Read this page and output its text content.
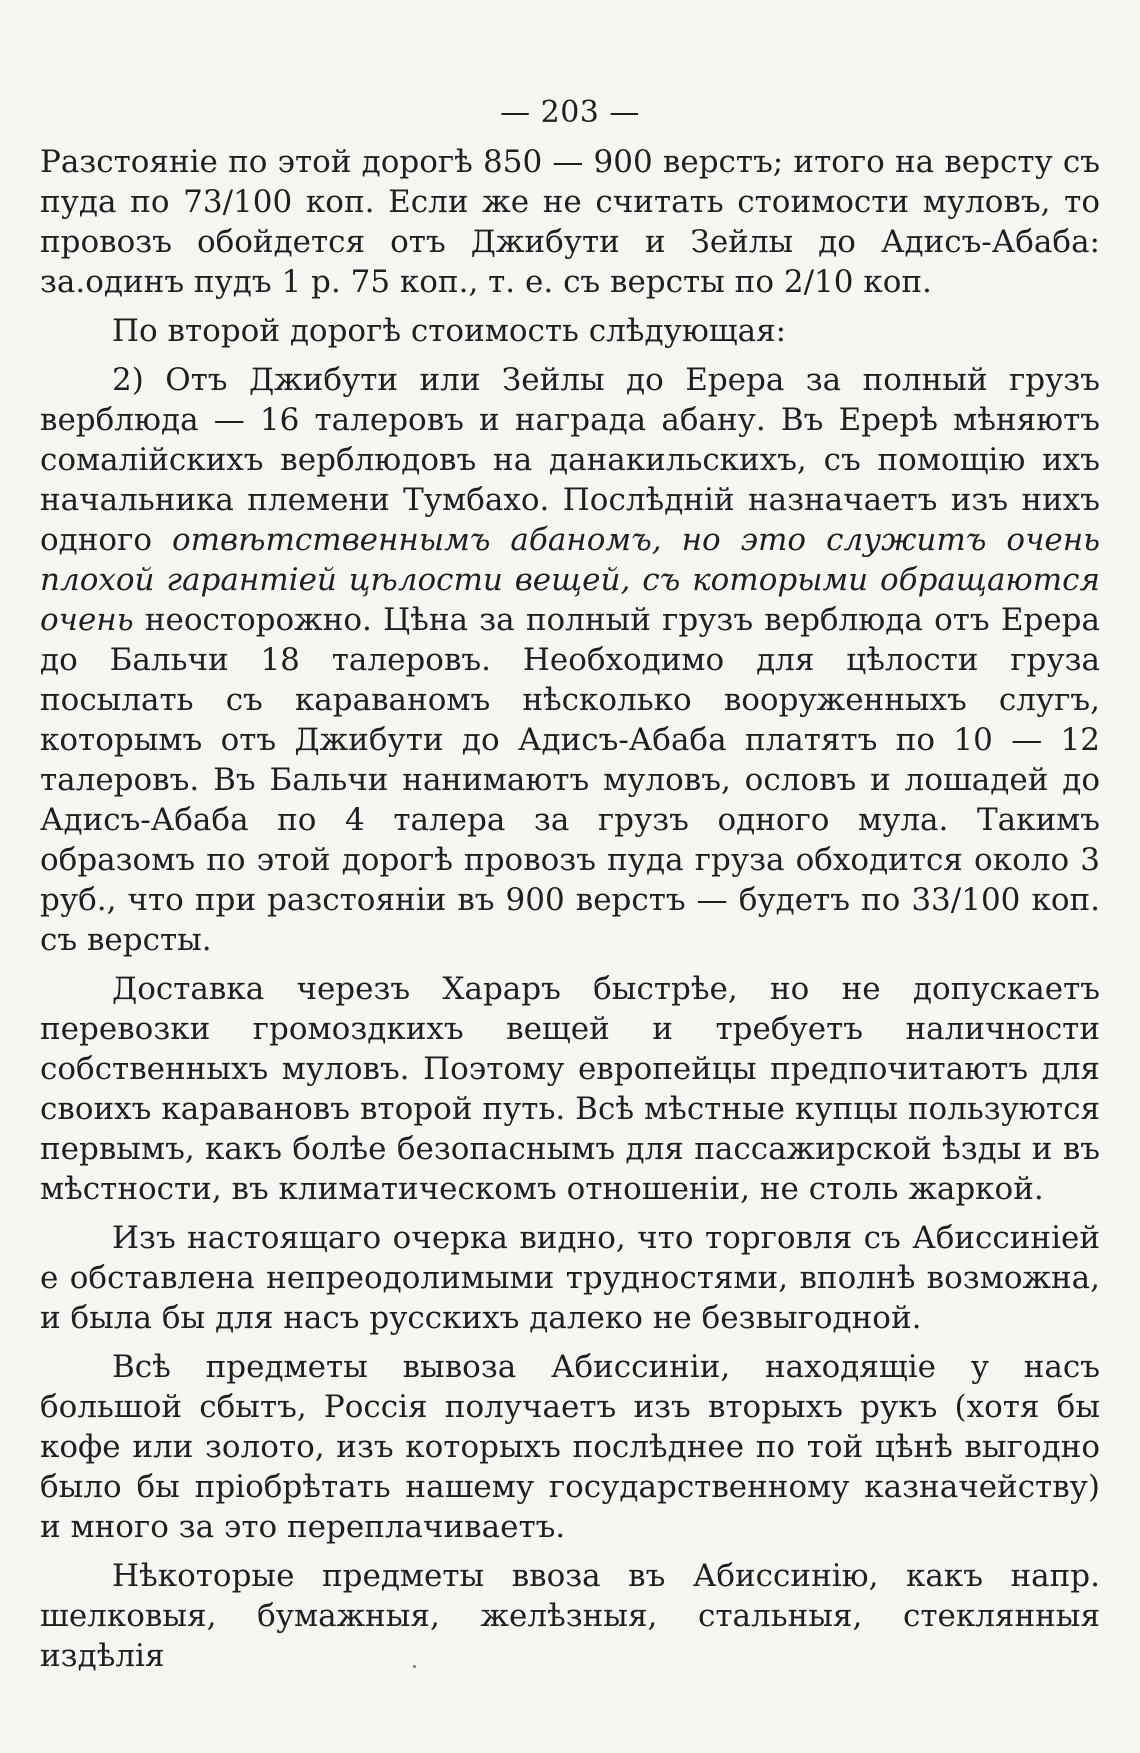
— 203 —

Разстояніе по этой дорогѣ 850 — 900 верстъ; итого на версту съ пуда по 73/100 коп. Если же не считать стоимости муловъ, то провозъ обойдется отъ Джибути и Зейлы до Адисъ-Абаба: за.одинъ пудъ 1 р. 75 коп., т. е. съ версты по 2/10 коп.

По второй дорогѣ стоимость слѣдующая:

2) Отъ Джибути или Зейлы до Ерера за полный грузъ верблюда — 16 талеровъ и награда абану. Въ Ерерѣ мѣняютъ сомалійскихъ верблюдовъ на данакильскихъ, съ помощію ихъ начальника племени Тумбахо. Послѣдній назначаетъ изъ нихъ одного отвѣтственнымъ абаномъ, но это служитъ очень плохой гарантіей цѣлости вещей, съ которыми обращаются очень неосторожно. Цѣна за полный грузъ верблюда отъ Ерера до Бальчи 18 талеровъ. Необходимо для цѣлости груза посылать съ караваномъ нѣсколько вооруженныхъ слугъ, которымъ отъ Джибути до Адисъ-Абаба платятъ по 10 — 12 талеровъ. Въ Бальчи нанимаютъ муловъ, ословъ и лошадей до Адисъ-Абаба по 4 талера за грузъ одного мула. Такимъ образомъ по этой дорогѣ провозъ пуда груза обходится около 3 руб., что при разстояніи въ 900 верстъ — будетъ по 33/100 коп. съ версты.

Доставка черезъ Хараръ быстрѣе, но не допускаетъ перевозки громоздкихъ вещей и требуетъ наличности собственныхъ муловъ. Поэтому европейцы предпочитаютъ для своихъ каравановъ второй путь. Всѣ мѣстные купцы пользуются первымъ, какъ болѣе безопаснымъ для пассажирской ѣзды и въ мѣстности, въ климатическомъ отношеніи, не столь жаркой.

Изъ настоящаго очерка видно, что торговля съ Абиссиніей е обставлена непреодолимыми трудностями, вполнѣ возможна, и была бы для насъ русскихъ далеко не безвыгодной.

Всѣ предметы вывоза Абиссиніи, находящіе у насъ большой сбытъ, Россія получаетъ изъ вторыхъ рукъ (хотя бы кофе или золото, изъ которыхъ послѣднее по той цѣнѣ выгодно было бы пріобрѣтать нашему государственному казначейству) и много за это переплачиваетъ.

Нѣкоторые предметы ввоза въ Абиссинію, какъ напр. шелковыя, бумажныя, желѣзныя, стальныя, стеклянныя издѣлія
